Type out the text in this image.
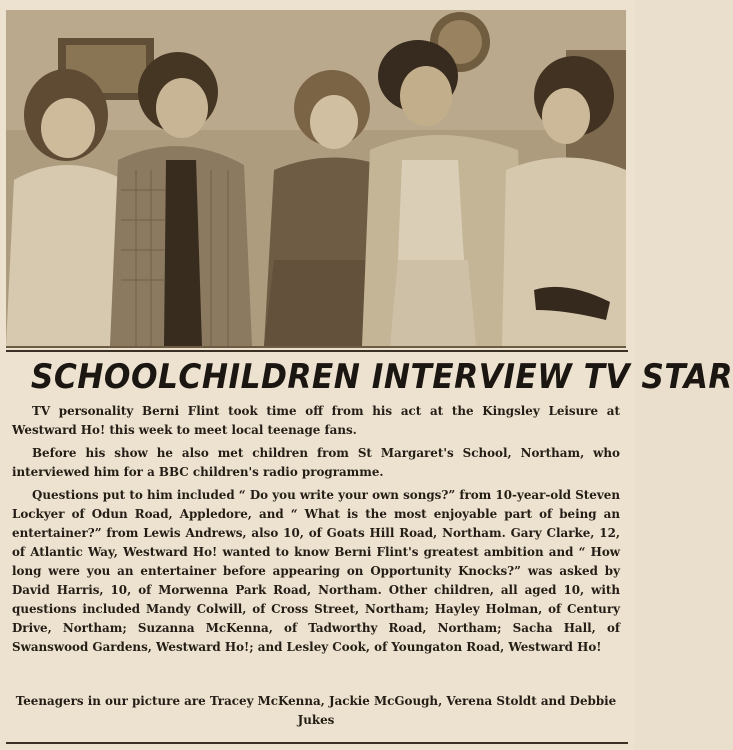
SCHOOLCHILDREN INTERVIEW TV STAR

TV personality Berni Flint took time off from his act at the Kingsley Leisure at Westward Ho! this week to meet local teenage fans.

Before his show he also met children from St Margaret's School, Northam, who interviewed him for a BBC children's radio programme.

Questions put to him included “ Do you write your own songs?” from 10-year-old Steven Lockyer of Odun Road, Appledore, and “ What is the most enjoyable part of being an entertainer?” from Lewis Andrews, also 10, of Goats Hill Road, Northam. Gary Clarke, 12, of Atlantic Way, Westward Ho! wanted to know Berni Flint's greatest ambition and “ How long were you an entertainer before appearing on Opportunity Knocks?” was asked by David Harris, 10, of Morwenna Park Road, Northam. Other children, all aged 10, with questions included Mandy Colwill, of Cross Street, Northam; Hayley Holman, of Century Drive, Northam; Suzanna McKenna, of Tadworthy Road, Northam; Sacha Hall, of Swanswood Gardens, Westward Ho!; and Lesley Cook, of Youngaton Road, Westward Ho!

Teenagers in our picture are Tracey McKenna, Jackie McGough, Verena Stoldt and Debbie Jukes
